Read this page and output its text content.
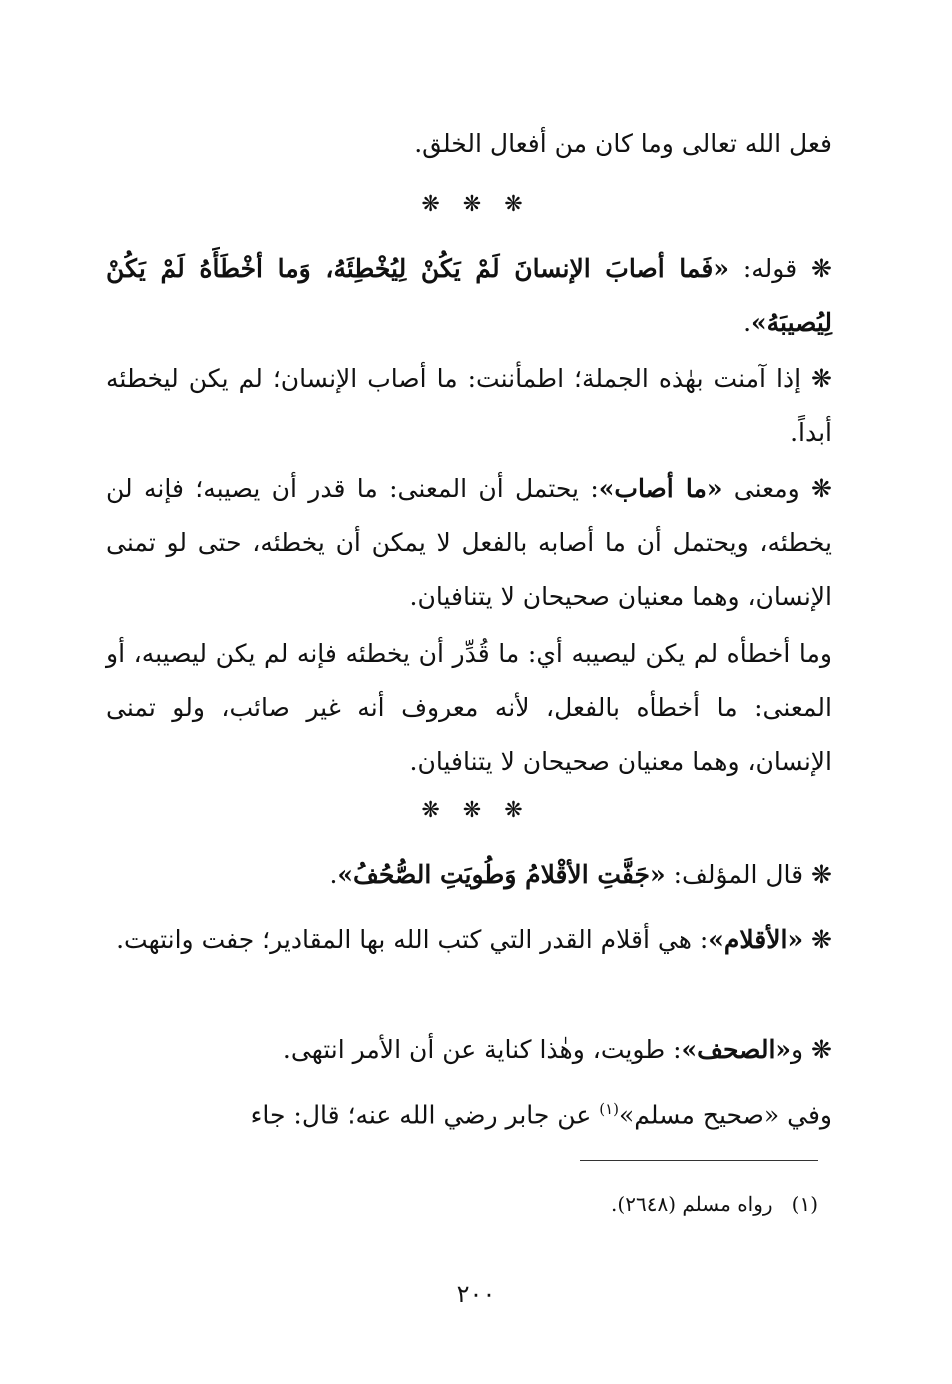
فعل الله تعالى وما كان من أفعال الخلق.
❋ ❋ ❋
❋ قوله: «فَما أصابَ الإنسانَ لَمْ يَكُنْ لِيُخْطِئَهُ، وَما أخْطَأَهُ لَمْ يَكُنْ لِيُصيبَهُ».
❋ إذا آمنت بهٰذه الجملة؛ اطمأننت: ما أصاب الإنسان؛ لم يكن ليخطئه أبداً.
❋ ومعنى «ما أصاب»: يحتمل أن المعنى: ما قدر أن يصيبه؛ فإنه لن يخطئه، ويحتمل أن ما أصابه بالفعل لا يمكن أن يخطئه، حتى لو تمنى الإنسان، وهما معنيان صحيحان لا يتنافيان.
وما أخطأه لم يكن ليصيبه أي: ما قُدِّر أن يخطئه فإنه لم يكن ليصيبه، أو المعنى: ما أخطأه بالفعل، لأنه معروف أنه غير صائب، ولو تمنى الإنسان، وهما معنيان صحيحان لا يتنافيان.
❋ ❋ ❋
❋ قال المؤلف: «جَفَّتِ الأقْلامُ وَطُويَتِ الصُّحُفُ».
❋ «الأقلام»: هي أقلام القدر التي كتب الله بها المقادير؛ جفت وانتهت.
❋ و«الصحف»: طويت، وهٰذا كناية عن أن الأمر انتهى.
وفي «صحيح مسلم»$^{(١)}$ عن جابر رضي الله عنه؛ قال: جاء
(١)   رواه مسلم (٢٦٤٨).
٢٠٠
